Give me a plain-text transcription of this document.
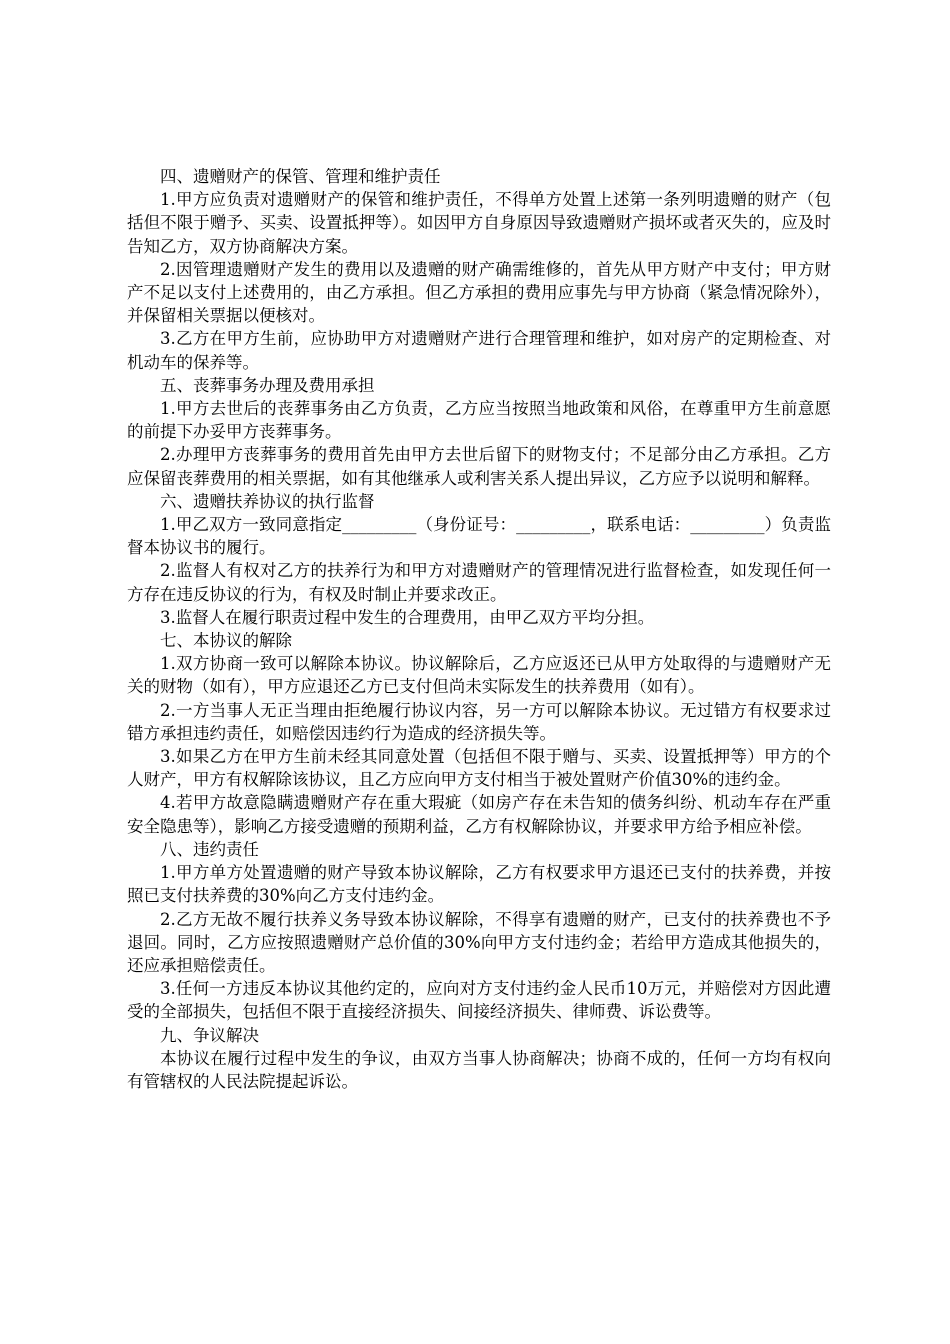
四、遗赠财产的保管、管理和维护责任

1.甲方应负责对遗赠财产的保管和维护责任，不得单方处置上述第一条列明遗赠的财产（包括但不限于赠予、买卖、设置抵押等）。如因甲方自身原因导致遗赠财产损坏或者灭失的，应及时告知乙方，双方协商解决方案。

2.因管理遗赠财产发生的费用以及遗赠的财产确需维修的，首先从甲方财产中支付；甲方财产不足以支付上述费用的，由乙方承担。但乙方承担的费用应事先与甲方协商（紧急情况除外），并保留相关票据以便核对。

3.乙方在甲方生前，应协助甲方对遗赠财产进行合理管理和维护，如对房产的定期检查、对机动车的保养等。

五、丧葬事务办理及费用承担

1.甲方去世后的丧葬事务由乙方负责，乙方应当按照当地政策和风俗，在尊重甲方生前意愿的前提下办妥甲方丧葬事务。

2.办理甲方丧葬事务的费用首先由甲方去世后留下的财物支付；不足部分由乙方承担。乙方应保留丧葬费用的相关票据，如有其他继承人或利害关系人提出异议，乙方应予以说明和解释。

六、遗赠扶养协议的执行监督

1.甲乙双方一致同意指定_________（身份证号：_________，联系电话：_________）负责监督本协议书的履行。

2.监督人有权对乙方的扶养行为和甲方对遗赠财产的管理情况进行监督检查，如发现任何一方存在违反协议的行为，有权及时制止并要求改正。

3.监督人在履行职责过程中发生的合理费用，由甲乙双方平均分担。

七、本协议的解除

1.双方协商一致可以解除本协议。协议解除后，乙方应返还已从甲方处取得的与遗赠财产无关的财物（如有），甲方应退还乙方已支付但尚未实际发生的扶养费用（如有）。

2.一方当事人无正当理由拒绝履行协议内容，另一方可以解除本协议。无过错方有权要求过错方承担违约责任，如赔偿因违约行为造成的经济损失等。

3.如果乙方在甲方生前未经其同意处置（包括但不限于赠与、买卖、设置抵押等）甲方的个人财产，甲方有权解除该协议，且乙方应向甲方支付相当于被处置财产价值30%的违约金。

4.若甲方故意隐瞒遗赠财产存在重大瑕疵（如房产存在未告知的债务纠纷、机动车存在严重安全隐患等），影响乙方接受遗赠的预期利益，乙方有权解除协议，并要求甲方给予相应补偿。

八、违约责任

1.甲方单方处置遗赠的财产导致本协议解除，乙方有权要求甲方退还已支付的扶养费，并按照已支付扶养费的30%向乙方支付违约金。

2.乙方无故不履行扶养义务导致本协议解除，不得享有遗赠的财产，已支付的扶养费也不予退回。同时，乙方应按照遗赠财产总价值的30%向甲方支付违约金；若给甲方造成其他损失的，还应承担赔偿责任。

3.任何一方违反本协议其他约定的，应向对方支付违约金人民币10万元，并赔偿对方因此遭受的全部损失，包括但不限于直接经济损失、间接经济损失、律师费、诉讼费等。

九、争议解决

本协议在履行过程中发生的争议，由双方当事人协商解决；协商不成的，任何一方均有权向有管辖权的人民法院提起诉讼。
